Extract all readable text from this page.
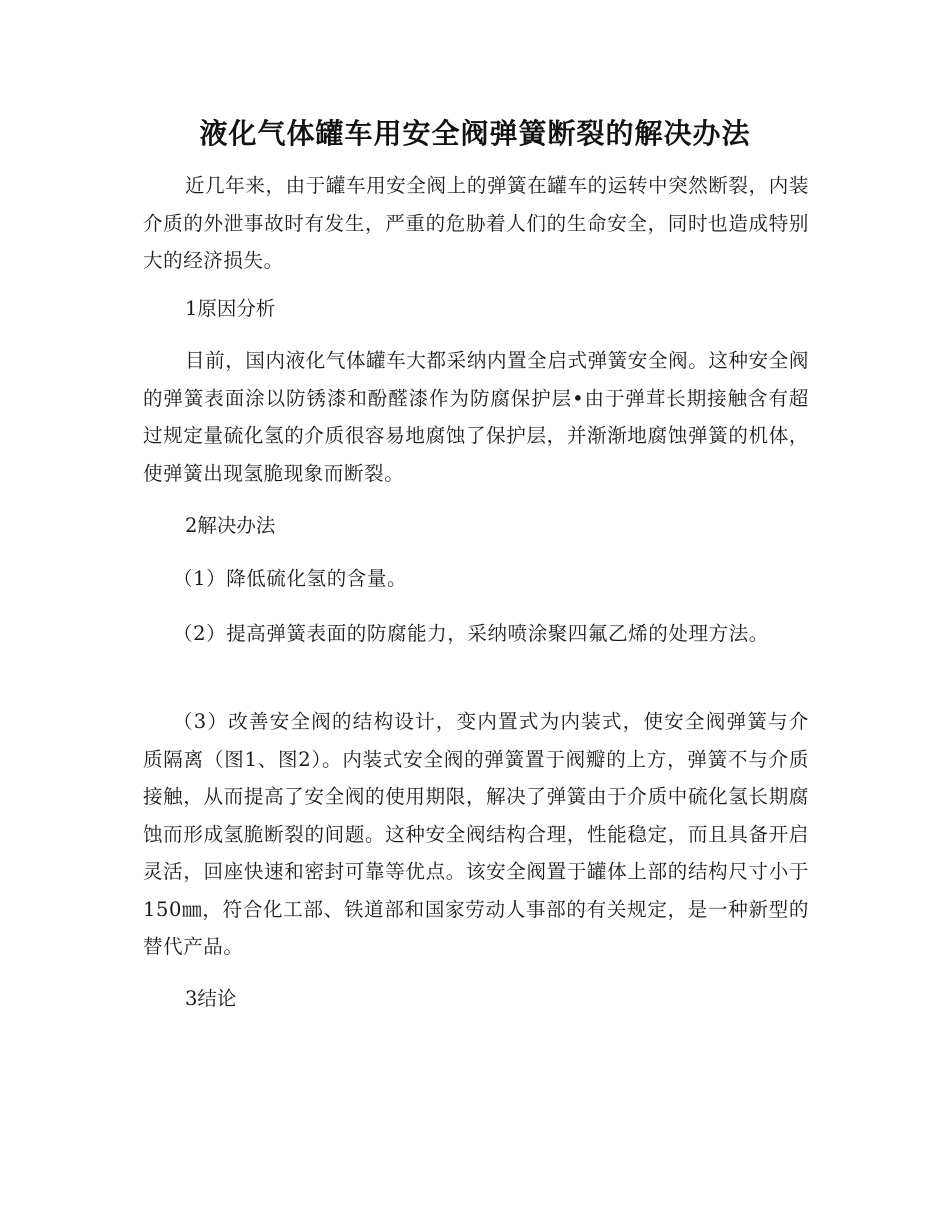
液化气体罐车用安全阀弹簧断裂的解决办法
近几年来，由于罐车用安全阀上的弹簧在罐车的运转中突然断裂，内装介质的外泄事故时有发生，严重的危胁着人们的生命安全，同时也造成特别大的经济损失。
1原因分析
目前，国内液化气体罐车大都采纳内置全启式弹簧安全阀。这种安全阀的弹簧表面涂以防锈漆和酚醛漆作为防腐保护层•由于弹茸长期接触含有超过规定量硫化氢的介质很容易地腐蚀了保护层，并渐渐地腐蚀弹簧的机体，使弹簧出现氢脆现象而断裂。
2解决办法
（1）降低硫化氢的含量。
（2）提高弹簧表面的防腐能力，采纳喷涂聚四氟乙烯的处理方法。
（3）改善安全阀的结构设计，变内置式为内装式，使安全阀弹簧与介质隔离（图1、图2）。内装式安全阀的弹簧置于阀瓣的上方，弹簧不与介质接触，从而提高了安全阀的使用期限，解决了弹簧由于介质中硫化氢长期腐蚀而形成氢脆断裂的间题。这种安全阀结构合理，性能稳定，而且具备开启灵活，回座快速和密封可靠等优点。该安全阀置于罐体上部的结构尺寸小于150㎜，符合化工部、铁道部和国家劳动人事部的有关规定，是一种新型的替代产品。
3结论
